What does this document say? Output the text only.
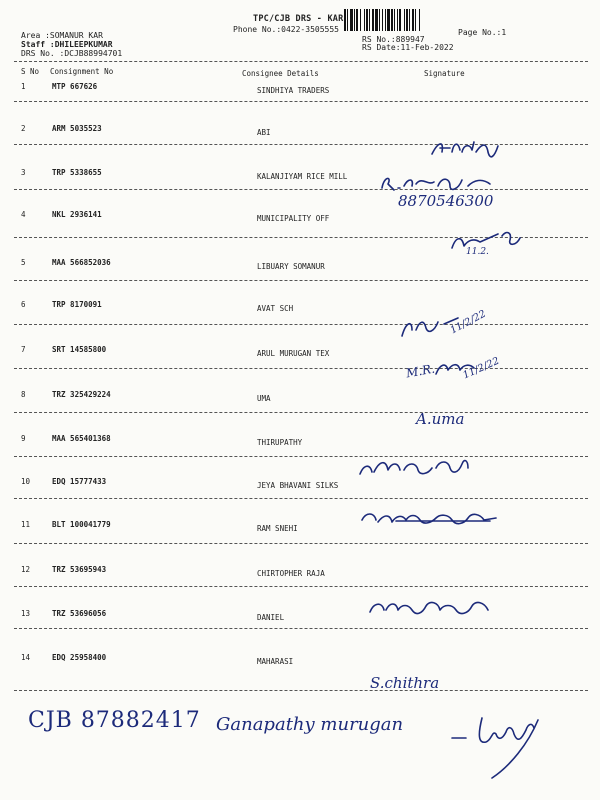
TPC/CJB DRS - KAR
Phone No.:0422-3505555	Page No.:1
Area :SOMANUR KAR
Staff :DHILEEPKUMAR
DRS No. :DCJB88994701
RS No.:889947
RS Date:11-Feb-2022
S No Consignment No	Consignee Details	Signature
1	MTP 667626	SINDHIYA TRADERS
2	ARM 5035523	ABI
3	TRP 5338655	KALANJIYAM RICE MILL
4	NKL 2936141	MUNICIPALITY OFF
5	MAA 566852036	LIBUARY SOMANUR
6	TRP 8170091	AVAT SCH
7	SRT 14585800	ARUL MURUGAN TEX
8	TRZ 325429224	UMA
9	MAA 565401368	THIRUPATHY
10	EDQ 15777433	JEYA BHAVANI SILKS
11	BLT 100041779	RAM SNEHI
12	TRZ 53695943	CHIRTOPHER RAJA
13	TRZ 53696056	DANIEL
14	EDQ 25958400	MAHARASI
8870546300
11.2.
11/2/22
M.R.	11/2/22
A.uma
S.chithra
CJB 87882417 Ganapathy murugan
